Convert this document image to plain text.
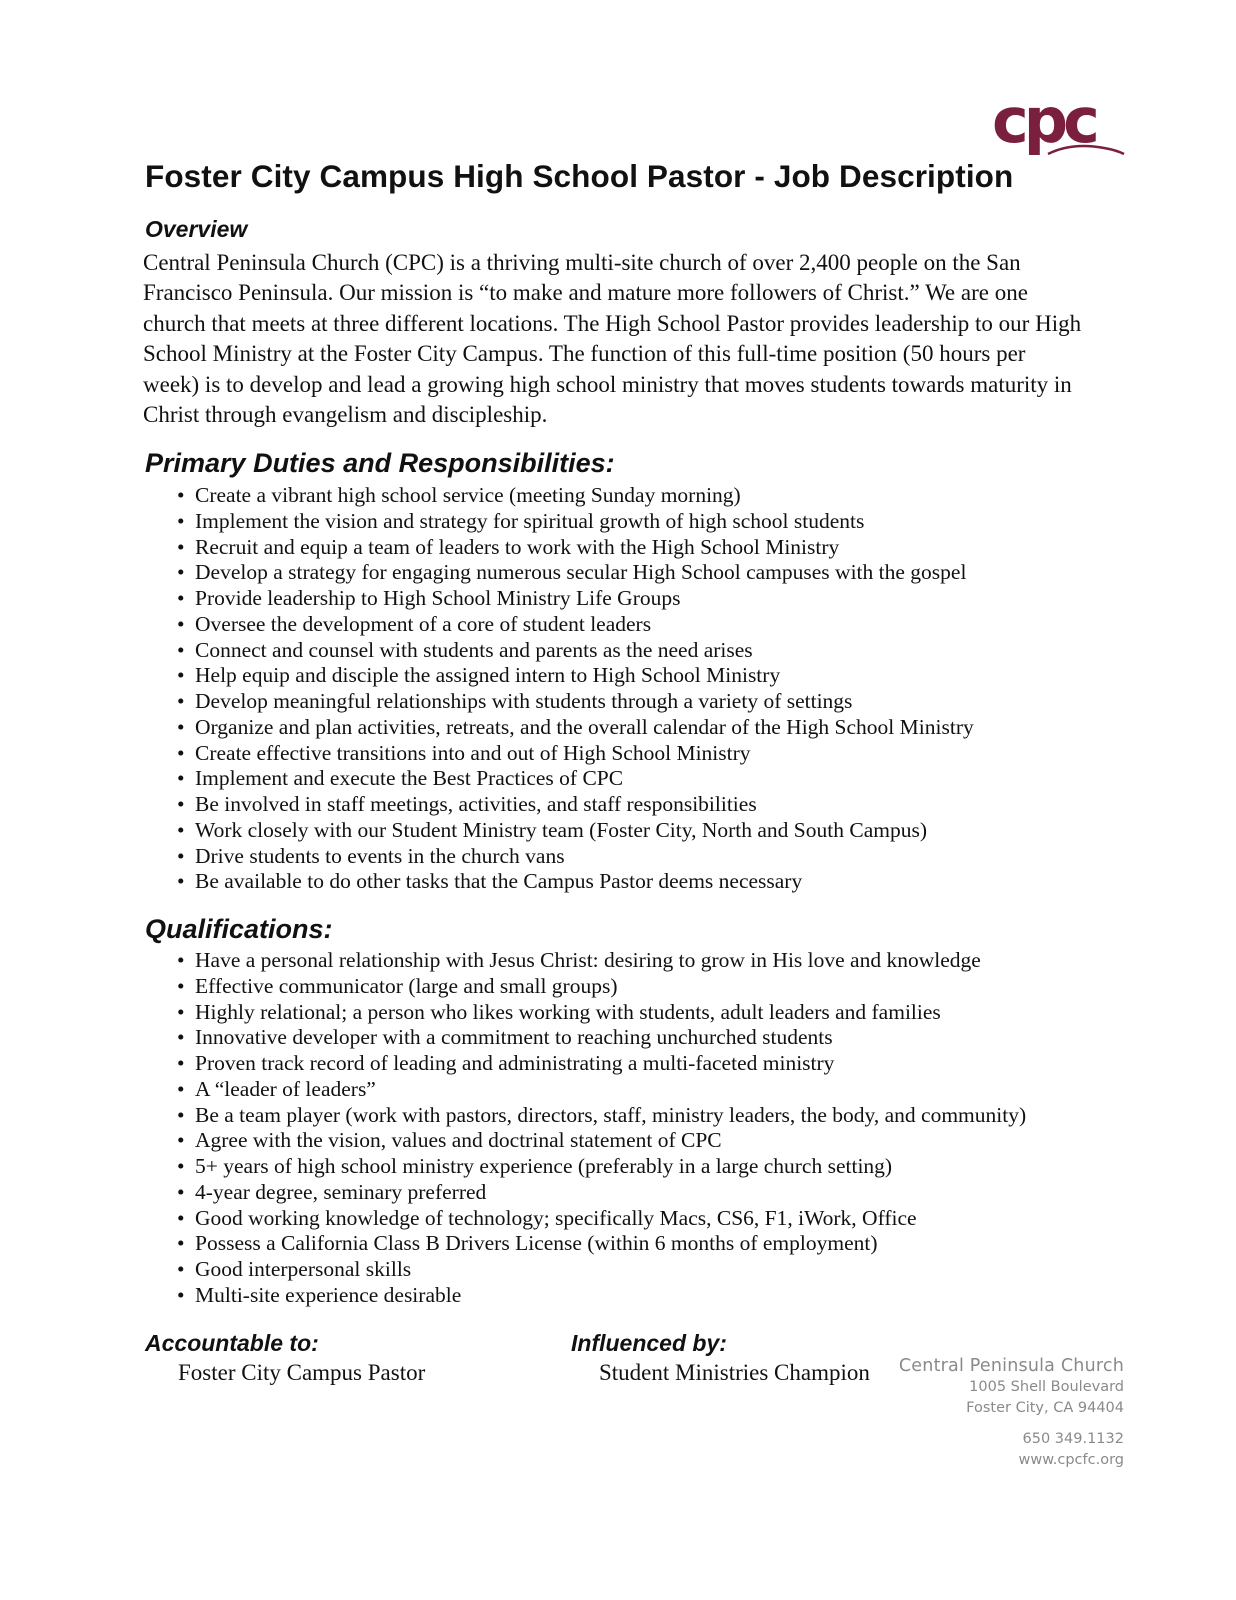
cpc
Foster City Campus High School Pastor - Job Description
Overview

Central Peninsula Church (CPC) is a thriving multi-site church of over 2,400 people on the San Francisco Peninsula. Our mission is “to make and mature more followers of Christ.” We are one church that meets at three different locations. The High School Pastor provides leadership to our High School Ministry at the Foster City Campus. The function of this full-time position (50 hours per week) is to develop and lead a growing high school ministry that moves students towards maturity in Christ through evangelism and discipleship.

Primary Duties and Responsibilities:
• Create a vibrant high school service (meeting Sunday morning)
• Implement the vision and strategy for spiritual growth of high school students
• Recruit and equip a team of leaders to work with the High School Ministry
• Develop a strategy for engaging numerous secular High School campuses with the gospel
• Provide leadership to High School Ministry Life Groups
• Oversee the development of a core of student leaders
• Connect and counsel with students and parents as the need arises
• Help equip and disciple the assigned intern to High School Ministry
• Develop meaningful relationships with students through a variety of settings
• Organize and plan activities, retreats, and the overall calendar of the High School Ministry
• Create effective transitions into and out of High School Ministry
• Implement and execute the Best Practices of CPC
• Be involved in staff meetings, activities, and staff responsibilities
• Work closely with our Student Ministry team (Foster City, North and South Campus)
• Drive students to events in the church vans
• Be available to do other tasks that the Campus Pastor deems necessary
Qualifications:
• Have a personal relationship with Jesus Christ: desiring to grow in His love and knowledge
• Effective communicator (large and small groups)
• Highly relational; a person who likes working with students, adult leaders and families
• Innovative developer with a commitment to reaching unchurched students
• Proven track record of leading and administrating a multi-faceted ministry
• A “leader of leaders”
• Be a team player (work with pastors, directors, staff, ministry leaders, the body, and community)
• Agree with the vision, values and doctrinal statement of CPC
• 5+ years of high school ministry experience (preferably in a large church setting)
• 4-year degree, seminary preferred
• Good working knowledge of technology; specifically Macs, CS6, F1, iWork, Office
• Possess a California Class B Drivers License (within 6 months of employment)
• Good interpersonal skills
• Multi-site experience desirable
Accountable to:

Foster City Campus Pastor

Influenced by:

Student Ministries Champion Central Peninsula Church
1005 Shell Boulevard
Foster City, CA 94404
650 349.1132
www.cpcfc.org
